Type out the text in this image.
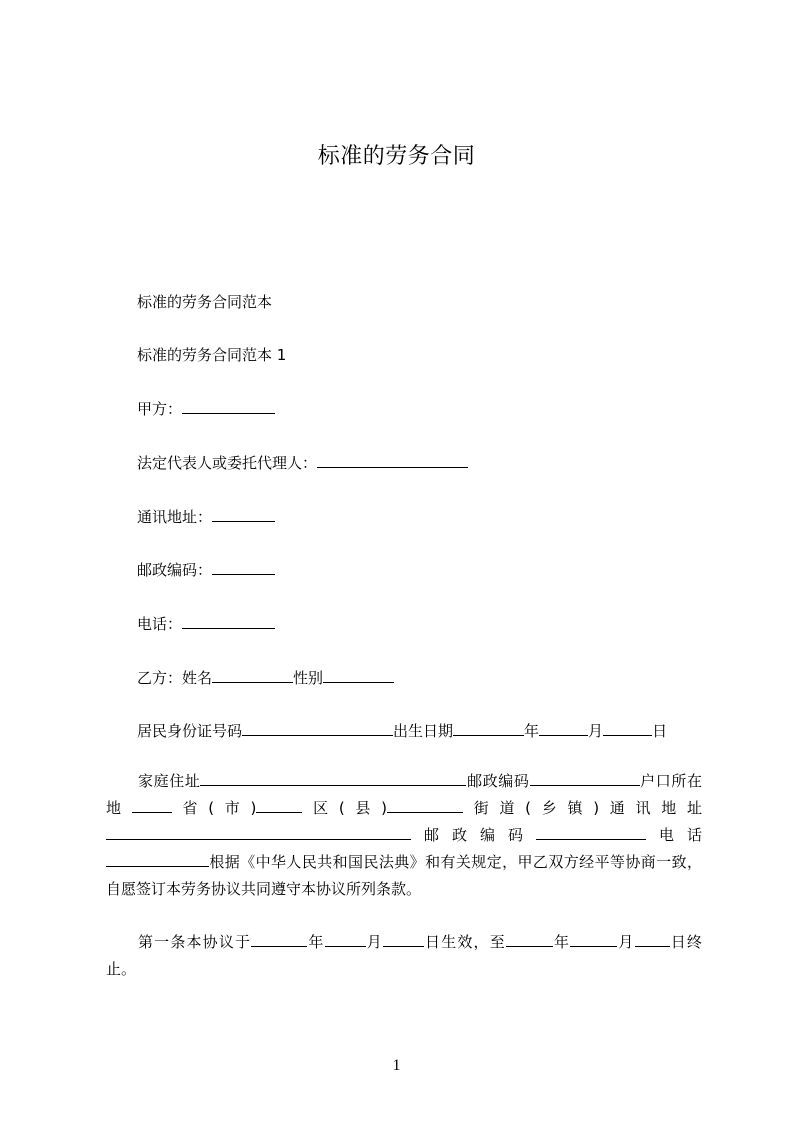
标准的劳务合同
标准的劳务合同范本
标准的劳务合同范本 1
甲方：
法定代表人或委托代理人：
通讯地址：
邮政编码：
电话：
乙方：姓名	性别
居民身份证号码	出生日期	年	月	日
家庭住址	邮政编码	户口所在地	省(市)	区(县)	街道(乡镇)通讯地址邮政编码	电话根据《中华人民共和国民法典》和有关规定，甲乙双方经平等协商一致，自愿签订本劳务协议共同遵守本协议所列条款。
第一条本协议于	年	月	日生效，至	年	月 日终止。
1
